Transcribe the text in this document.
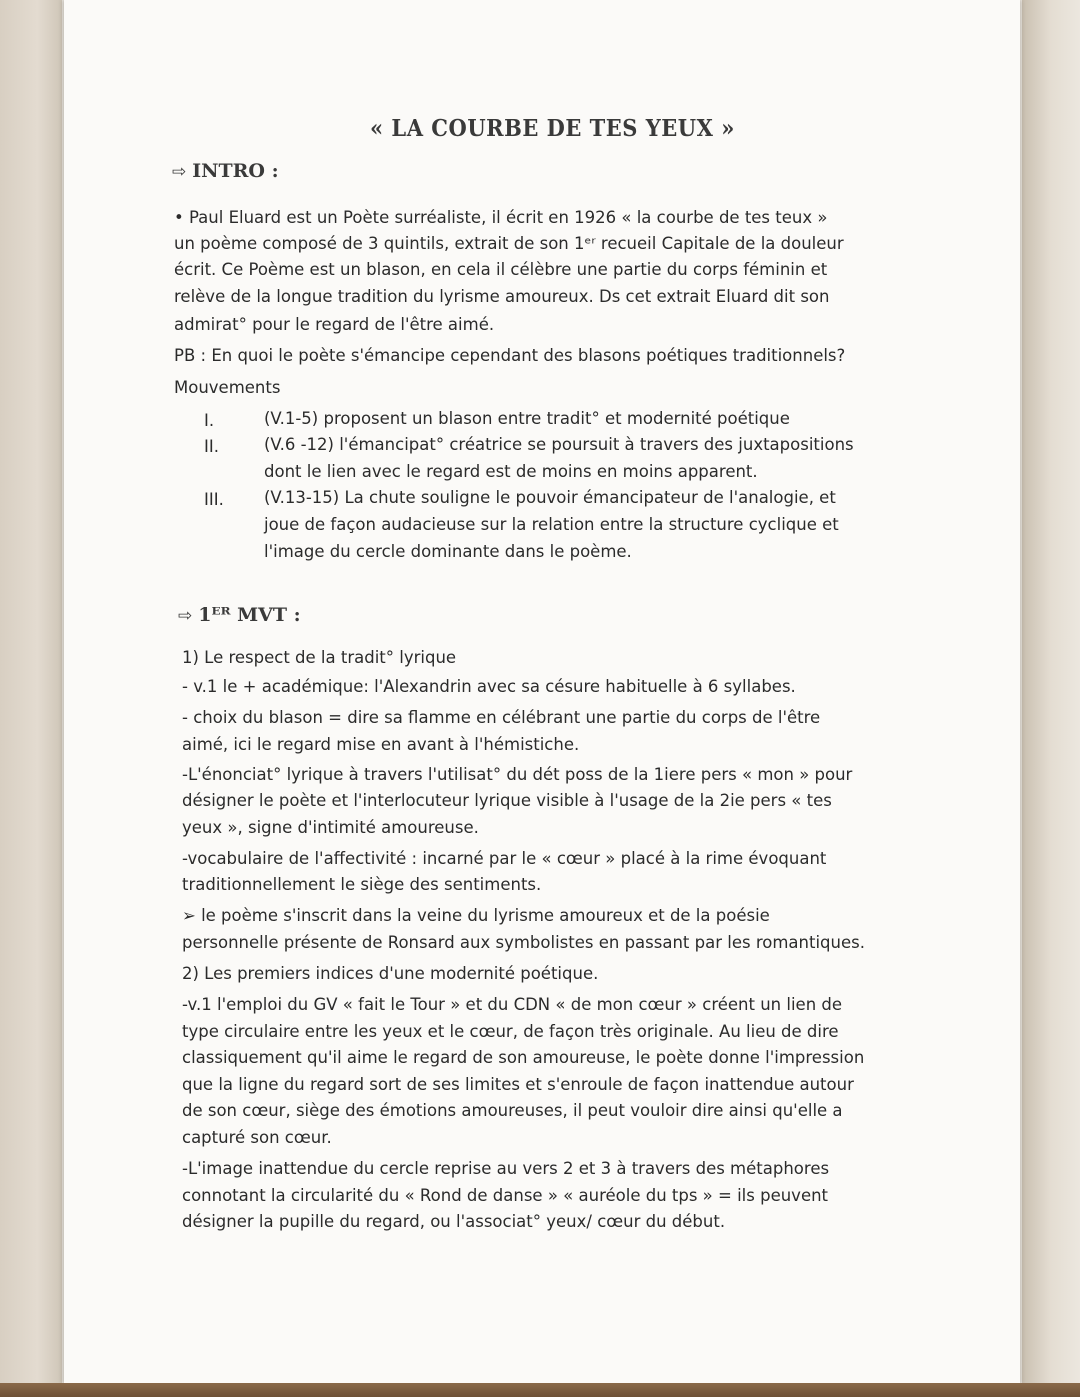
« LA COURBE DE TES YEUX »
⇨ INTRO :
• Paul Eluard est un Poète surréaliste, il écrit en 1926 « la courbe de tes teux »
un poème composé de 3 quintils, extrait de son 1ᵉʳ recueil Capitale de la douleur
écrit. Ce Poème est un blason, en cela il célèbre une partie du corps féminin et
relève de la longue tradition du lyrisme amoureux. Ds cet extrait Eluard dit son
admirat° pour le regard de l'être aimé.
PB : En quoi le poète s'émancipe cependant des blasons poétiques traditionnels?
Mouvements
I.	(V.1-5) proposent un blason entre tradit° et modernité poétique
II.	(V.6 -12) l'émancipat° créatrice se poursuit à travers des juxtapositions
dont le lien avec le regard est de moins en moins apparent.
III. (V.13-15) La chute souligne le pouvoir émancipateur de l'analogie, et
joue de façon audacieuse sur la relation entre la structure cyclique et
l'image du cercle dominante dans le poème.
⇨ 1ᴱᴿ MVT :
1) Le respect de la tradit° lyrique
- v.1 le + académique: l'Alexandrin avec sa césure habituelle à 6 syllabes.
- choix du blason = dire sa flamme en célébrant une partie du corps de l'être
aimé, ici le regard mise en avant à l'hémistiche.
-L'énonciat° lyrique à travers l'utilisat° du dét poss de la 1iere pers « mon » pour
désigner le poète et l'interlocuteur lyrique visible à l'usage de la 2ie pers « tes
yeux », signe d'intimité amoureuse.
-vocabulaire de l'affectivité : incarné par le « cœur » placé à la rime évoquant
traditionnellement le siège des sentiments.
➢ le poème s'inscrit dans la veine du lyrisme amoureux et de la poésie
personnelle présente de Ronsard aux symbolistes en passant par les romantiques.
2) Les premiers indices d'une modernité poétique.
-v.1 l'emploi du GV « fait le Tour » et du CDN « de mon cœur » créent un lien de
type circulaire entre les yeux et le cœur, de façon très originale. Au lieu de dire
classiquement qu'il aime le regard de son amoureuse, le poète donne l'impression
que la ligne du regard sort de ses limites et s'enroule de façon inattendue autour
de son cœur, siège des émotions amoureuses, il peut vouloir dire ainsi qu'elle a
capturé son cœur.
-L'image inattendue du cercle reprise au vers 2 et 3 à travers des métaphores
connotant la circularité du « Rond de danse » « auréole du tps » = ils peuvent
désigner la pupille du regard, ou l'associat° yeux/ cœur du début.
